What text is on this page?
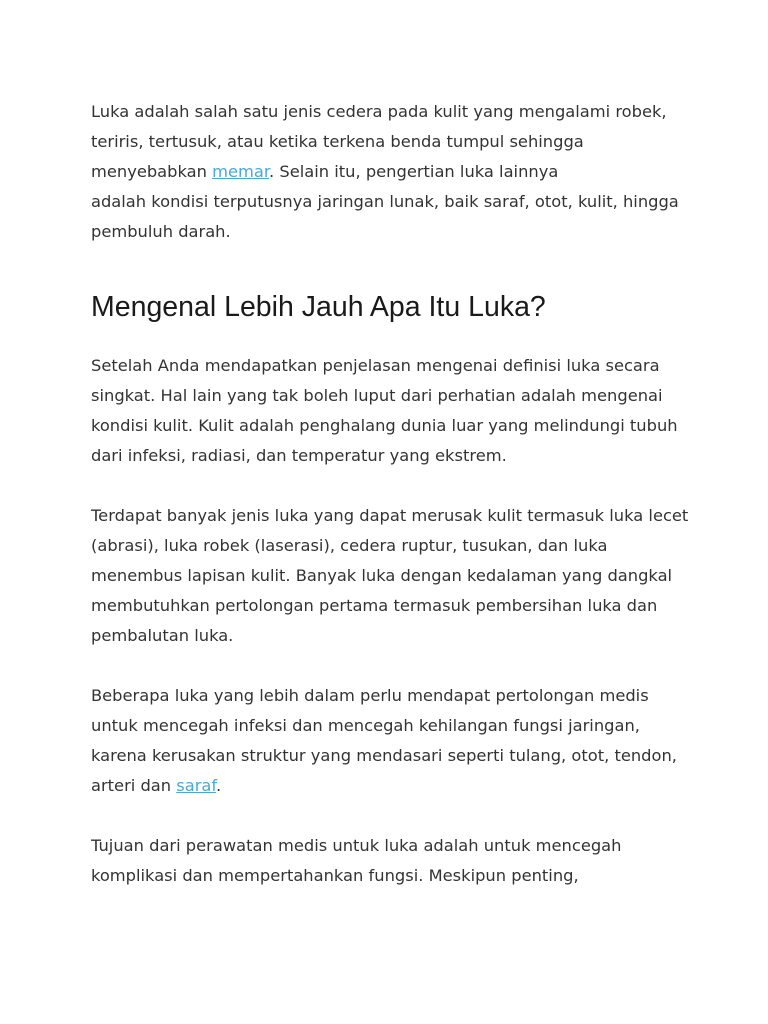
Luka adalah salah satu jenis cedera pada kulit yang mengalami robek, teriris, tertusuk, atau ketika terkena benda tumpul sehingga menyebabkan memar. Selain itu, pengertian luka lainnya
adalah kondisi terputusnya jaringan lunak, baik saraf, otot, kulit, hingga pembuluh darah.

Mengenal Lebih Jauh Apa Itu Luka?

Setelah Anda mendapatkan penjelasan mengenai definisi luka secara singkat. Hal lain yang tak boleh luput dari perhatian adalah mengenai kondisi kulit. Kulit adalah penghalang dunia luar yang melindungi tubuh dari infeksi, radiasi, dan temperatur yang ekstrem.

Terdapat banyak jenis luka yang dapat merusak kulit termasuk luka lecet (abrasi), luka robek (laserasi), cedera ruptur, tusukan, dan luka menembus lapisan kulit. Banyak luka dengan kedalaman yang dangkal membutuhkan pertolongan pertama termasuk pembersihan luka dan pembalutan luka.

Beberapa luka yang lebih dalam perlu mendapat pertolongan medis untuk mencegah infeksi dan mencegah kehilangan fungsi jaringan, karena kerusakan struktur yang mendasari seperti tulang, otot, tendon, arteri dan saraf.

Tujuan dari perawatan medis untuk luka adalah untuk mencegah komplikasi dan mempertahankan fungsi. Meskipun penting,
